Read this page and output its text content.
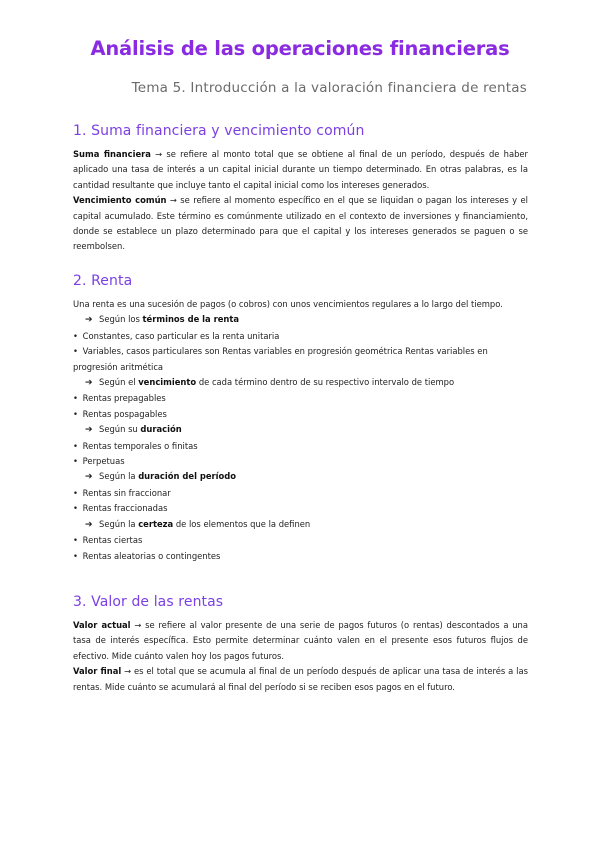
Análisis de las operaciones financieras
Tema 5. Introducción a la valoración financiera de rentas
1. Suma financiera y vencimiento común

Suma financiera → se refiere al monto total que se obtiene al final de un período, después de haber aplicado una tasa de interés a un capital inicial durante un tiempo determinado. En otras palabras, es la cantidad resultante que incluye tanto el capital inicial como los intereses generados.

Vencimiento común → se refiere al momento específico en el que se liquidan o pagan los intereses y el capital acumulado. Este término es comúnmente utilizado en el contexto de inversiones y financiamiento, donde se establece un plazo determinado para que el capital y los intereses generados se paguen o se reembolsen.

2. Renta

Una renta es una sucesión de pagos (o cobros) con unos vencimientos regulares a lo largo del tiempo.

➔ Según los términos de la renta
• Constantes, caso particular es la renta unitaria
• Variables, casos particulares son Rentas variables en progresión geométrica Rentas variables en progresión aritmética
➔ Según el vencimiento de cada término dentro de su respectivo intervalo de tiempo
• Rentas prepagables
• Rentas pospagables
➔ Según su duración
• Rentas temporales o finitas
• Perpetuas
➔ Según la duración del período
• Rentas sin fraccionar
• Rentas fraccionadas
➔ Según la certeza de los elementos que la definen
• Rentas ciertas
• Rentas aleatorias o contingentes
3. Valor de las rentas

Valor actual → se refiere al valor presente de una serie de pagos futuros (o rentas) descontados a una tasa de interés específica. Esto permite determinar cuánto valen en el presente esos futuros flujos de efectivo. Mide cuánto valen hoy los pagos futuros.

Valor final → es el total que se acumula al final de un período después de aplicar una tasa de interés a las rentas. Mide cuánto se acumulará al final del período si se reciben esos pagos en el futuro.
